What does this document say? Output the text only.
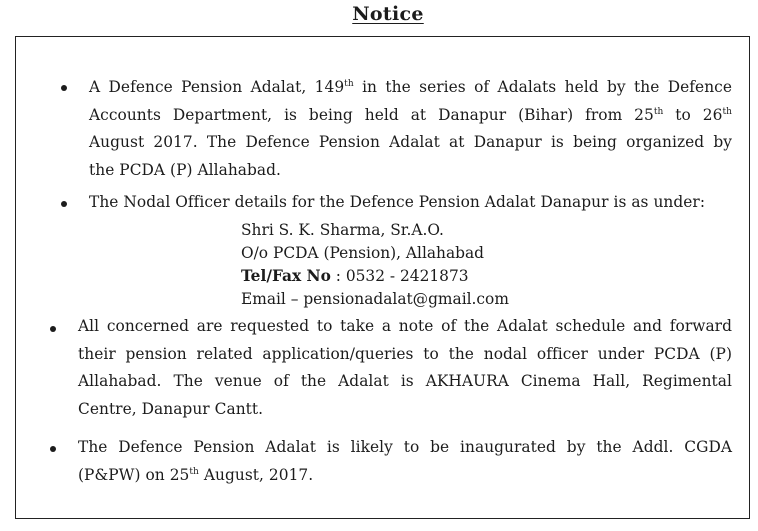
Notice
A Defence Pension Adalat, 149th in the series of Adalats held by the Defence
Accounts Department, is being held at Danapur (Bihar) from 25th to 26th
August 2017. The Defence Pension Adalat at Danapur is being organized by
the PCDA (P) Allahabad.
The Nodal Officer details for the Defence Pension Adalat Danapur is as under:
Shri S. K. Sharma, Sr.A.O.
O/o PCDA (Pension), Allahabad
Tel/Fax No : 0532 - 2421873
Email – pensionadalat@gmail.com
All concerned are requested to take a note of the Adalat schedule and forward
their pension related application/queries to the nodal officer under PCDA (P)
Allahabad. The venue of the Adalat is AKHAURA Cinema Hall, Regimental
Centre, Danapur Cantt.
The Defence Pension Adalat is likely to be inaugurated by the Addl. CGDA
(P&PW) on 25th August, 2017.
